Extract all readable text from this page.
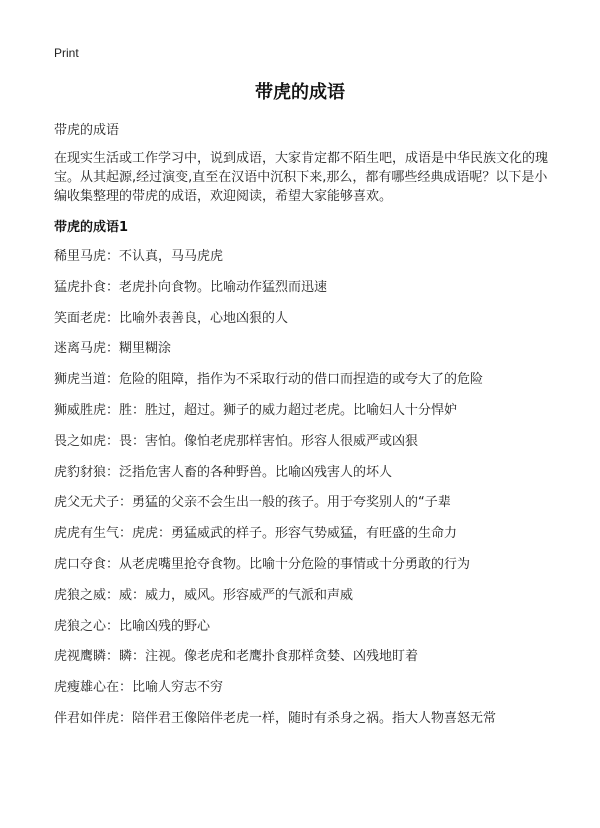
Print
带虎的成语
带虎的成语

在现实生活或工作学习中，说到成语，大家肯定都不陌生吧，成语是中华民族文化的瑰宝。从其起源,经过演变,直至在汉语中沉积下来,那么，都有哪些经典成语呢？以下是小编收集整理的带虎的成语，欢迎阅读，希望大家能够喜欢。

带虎的成语1
稀里马虎：不认真，马马虎虎
猛虎扑食：老虎扑向食物。比喻动作猛烈而迅速
笑面老虎：比喻外表善良，心地凶狠的人
迷离马虎：糊里糊涂
狮虎当道：危险的阻障，指作为不采取行动的借口而捏造的或夸大了的危险
狮威胜虎：胜：胜过，超过。狮子的威力超过老虎。比喻妇人十分悍妒
畏之如虎：畏：害怕。像怕老虎那样害怕。形容人很威严或凶狠
虎豹豺狼：泛指危害人畜的各种野兽。比喻凶残害人的坏人
虎父无犬子：勇猛的父亲不会生出一般的孩子。用于夸奖别人的“子辈
虎虎有生气：虎虎：勇猛威武的样子。形容气势威猛，有旺盛的生命力
虎口夺食：从老虎嘴里抢夺食物。比喻十分危险的事情或十分勇敢的行为
虎狼之威：威：威力，威风。形容威严的气派和声威
虎狼之心：比喻凶残的野心
虎视鹰瞵：瞵：注视。像老虎和老鹰扑食那样贪婪、凶残地盯着
虎瘦雄心在：比喻人穷志不穷
伴君如伴虎：陪伴君王像陪伴老虎一样，随时有杀身之祸。指大人物喜怒无常
